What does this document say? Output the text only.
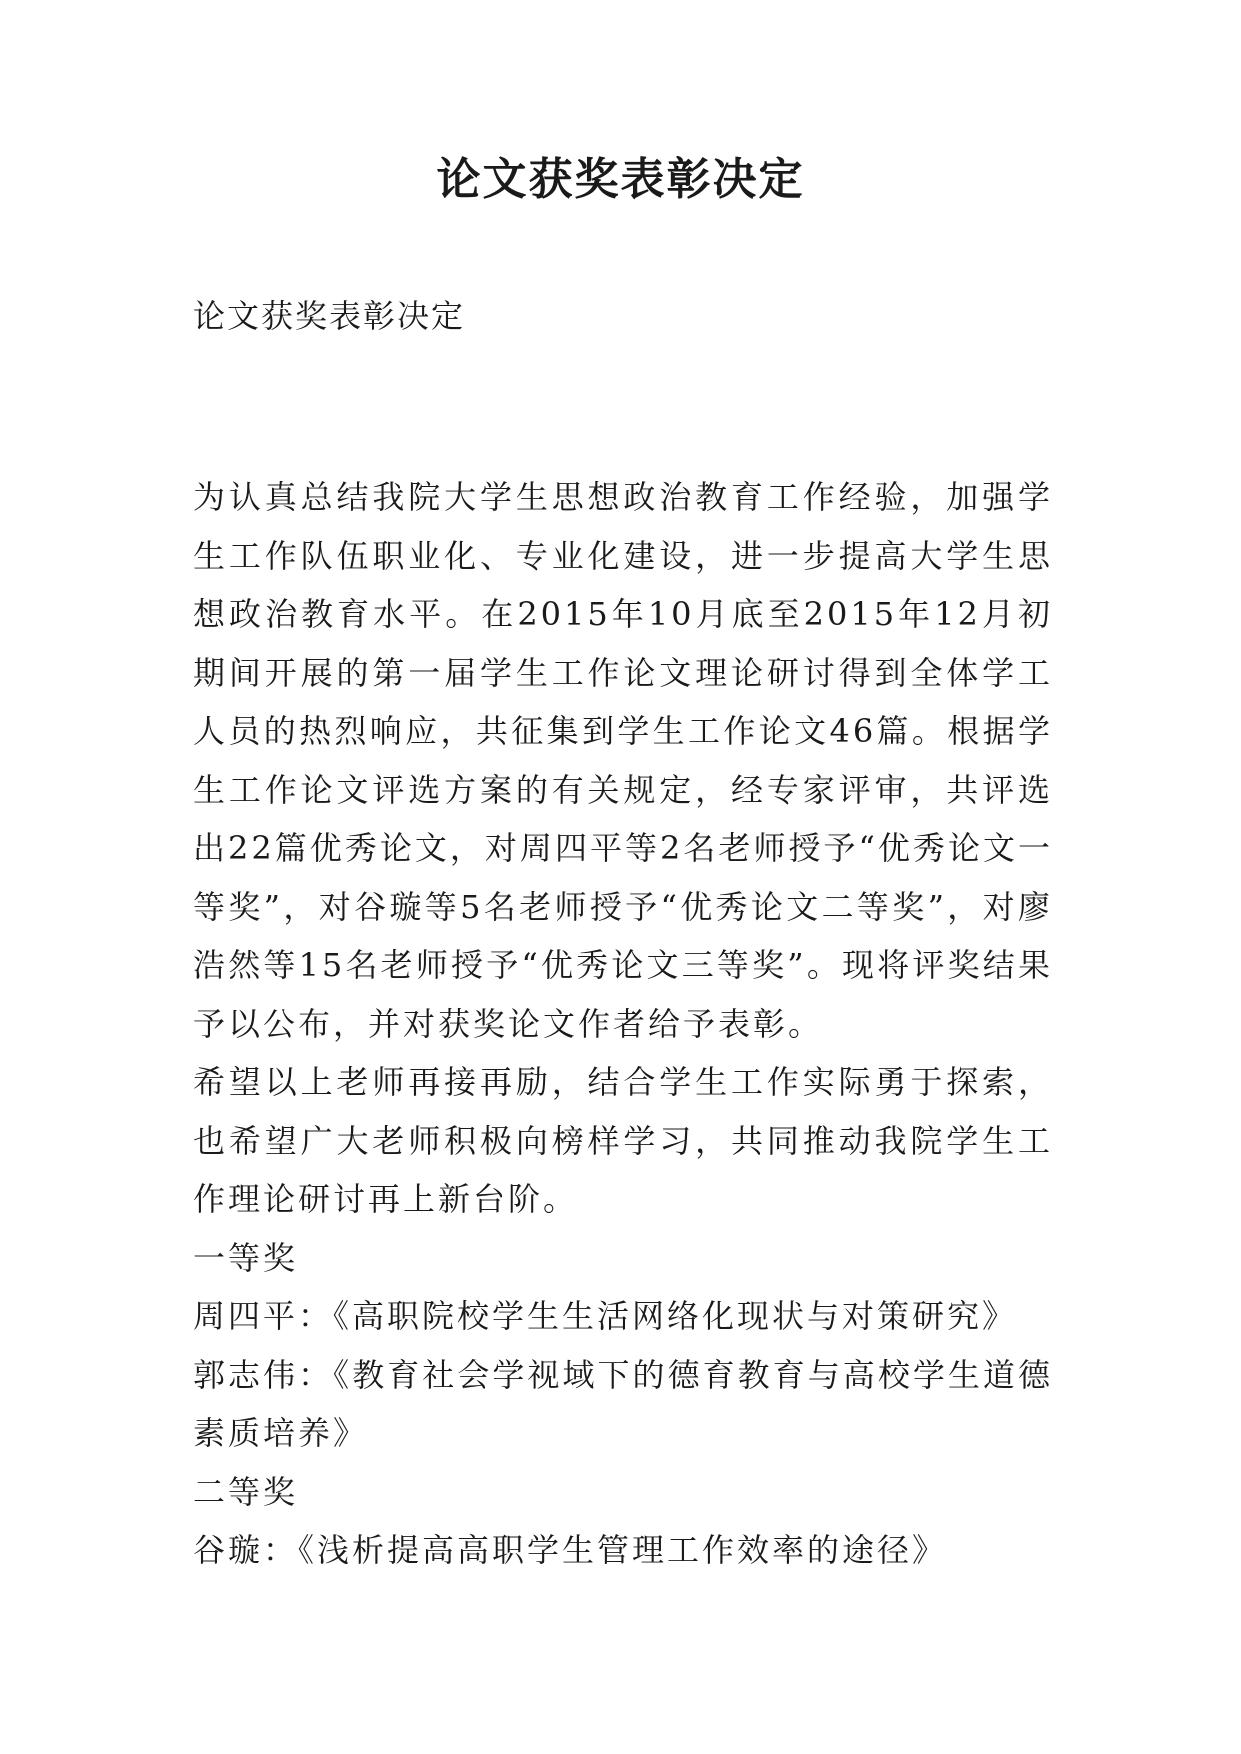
论文获奖表彰决定

论文获奖表彰决定

为认真总结我院大学生思想政治教育工作经验，加强学生工作队伍职业化、专业化建设，进一步提高大学生思想政治教育水平。在2015年10月底至2015年12月初期间开展的第一届学生工作论文理论研讨得到全体学工人员的热烈响应，共征集到学生工作论文46篇。根据学生工作论文评选方案的有关规定，经专家评审，共评选出22篇优秀论文，对周四平等2名老师授予“优秀论文一等奖”，对谷璇等5名老师授予“优秀论文二等奖”，对廖浩然等15名老师授予“优秀论文三等奖”。现将评奖结果予以公布，并对获奖论文作者给予表彰。

希望以上老师再接再励，结合学生工作实际勇于探索，也希望广大老师积极向榜样学习，共同推动我院学生工作理论研讨再上新台阶。

一等奖

周四平：《高职院校学生生活网络化现状与对策研究》

郭志伟：《教育社会学视域下的德育教育与高校学生道德素质培养》

二等奖

谷璇：《浅析提高高职学生管理工作效率的途径》
